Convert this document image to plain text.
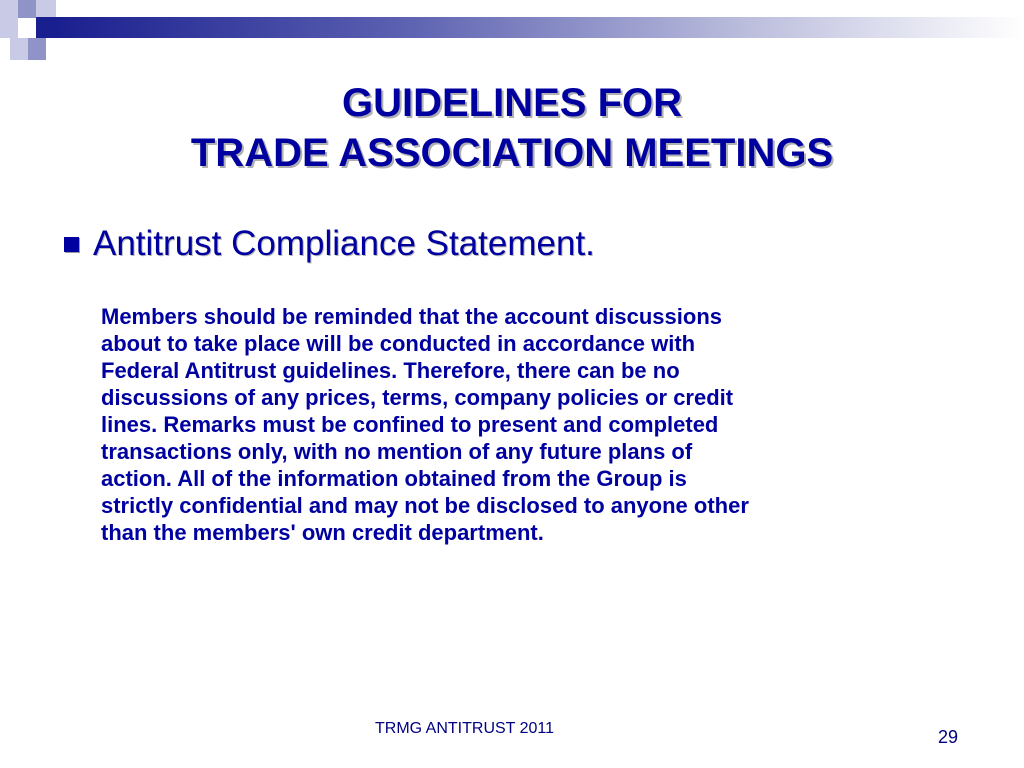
GUIDELINES FOR
TRADE ASSOCIATION MEETINGS
Antitrust Compliance Statement.
Members should be reminded that the account discussions
about to take place will be conducted in accordance with
Federal Antitrust guidelines. Therefore, there can be no
discussions of any prices, terms, company policies or credit
lines. Remarks must be confined to present and completed
transactions only, with no mention of any future plans of
action. All of the information obtained from the Group is
strictly confidential and may not be disclosed to anyone other
than the members' own credit department.
TRMG ANTITRUST 2011	29
